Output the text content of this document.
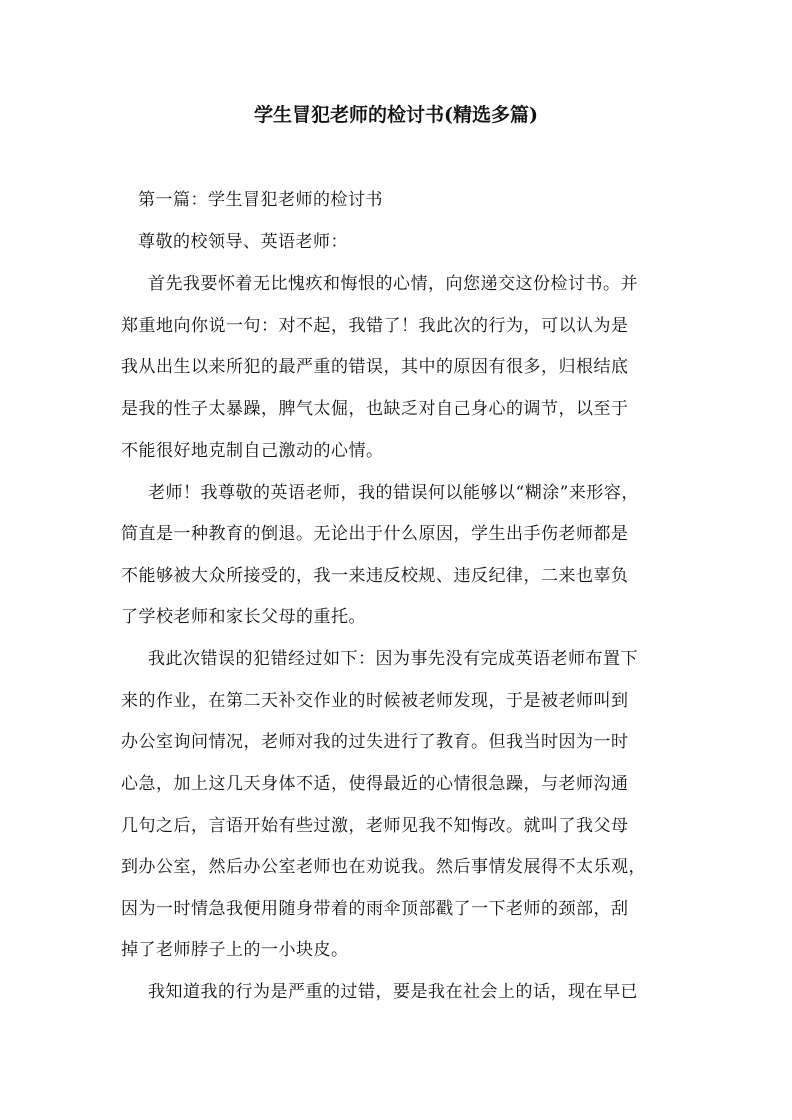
学生冒犯老师的检讨书(精选多篇)

第一篇：学生冒犯老师的检讨书

尊敬的校领导、英语老师：

首先我要怀着无比愧疚和悔恨的心情，向您递交这份检讨书。并

郑重地向你说一句：对不起，我错了！我此次的行为，可以认为是

我从出生以来所犯的最严重的错误，其中的原因有很多，归根结底

是我的性子太暴躁，脾气太倔，也缺乏对自己身心的调节，以至于

不能很好地克制自己激动的心情。

老师！我尊敬的英语老师，我的错误何以能够以“糊涂”来形容，

简直是一种教育的倒退。无论出于什么原因，学生出手伤老师都是

不能够被大众所接受的，我一来违反校规、违反纪律，二来也辜负

了学校老师和家长父母的重托。

我此次错误的犯错经过如下：因为事先没有完成英语老师布置下

来的作业，在第二天补交作业的时候被老师发现，于是被老师叫到

办公室询问情况，老师对我的过失进行了教育。但我当时因为一时

心急，加上这几天身体不适，使得最近的心情很急躁，与老师沟通

几句之后，言语开始有些过激，老师见我不知悔改。就叫了我父母

到办公室，然后办公室老师也在劝说我。然后事情发展得不太乐观，

因为一时情急我便用随身带着的雨伞顶部戳了一下老师的颈部，刮

掉了老师脖子上的一小块皮。

我知道我的行为是严重的过错，要是我在社会上的话，现在早已
